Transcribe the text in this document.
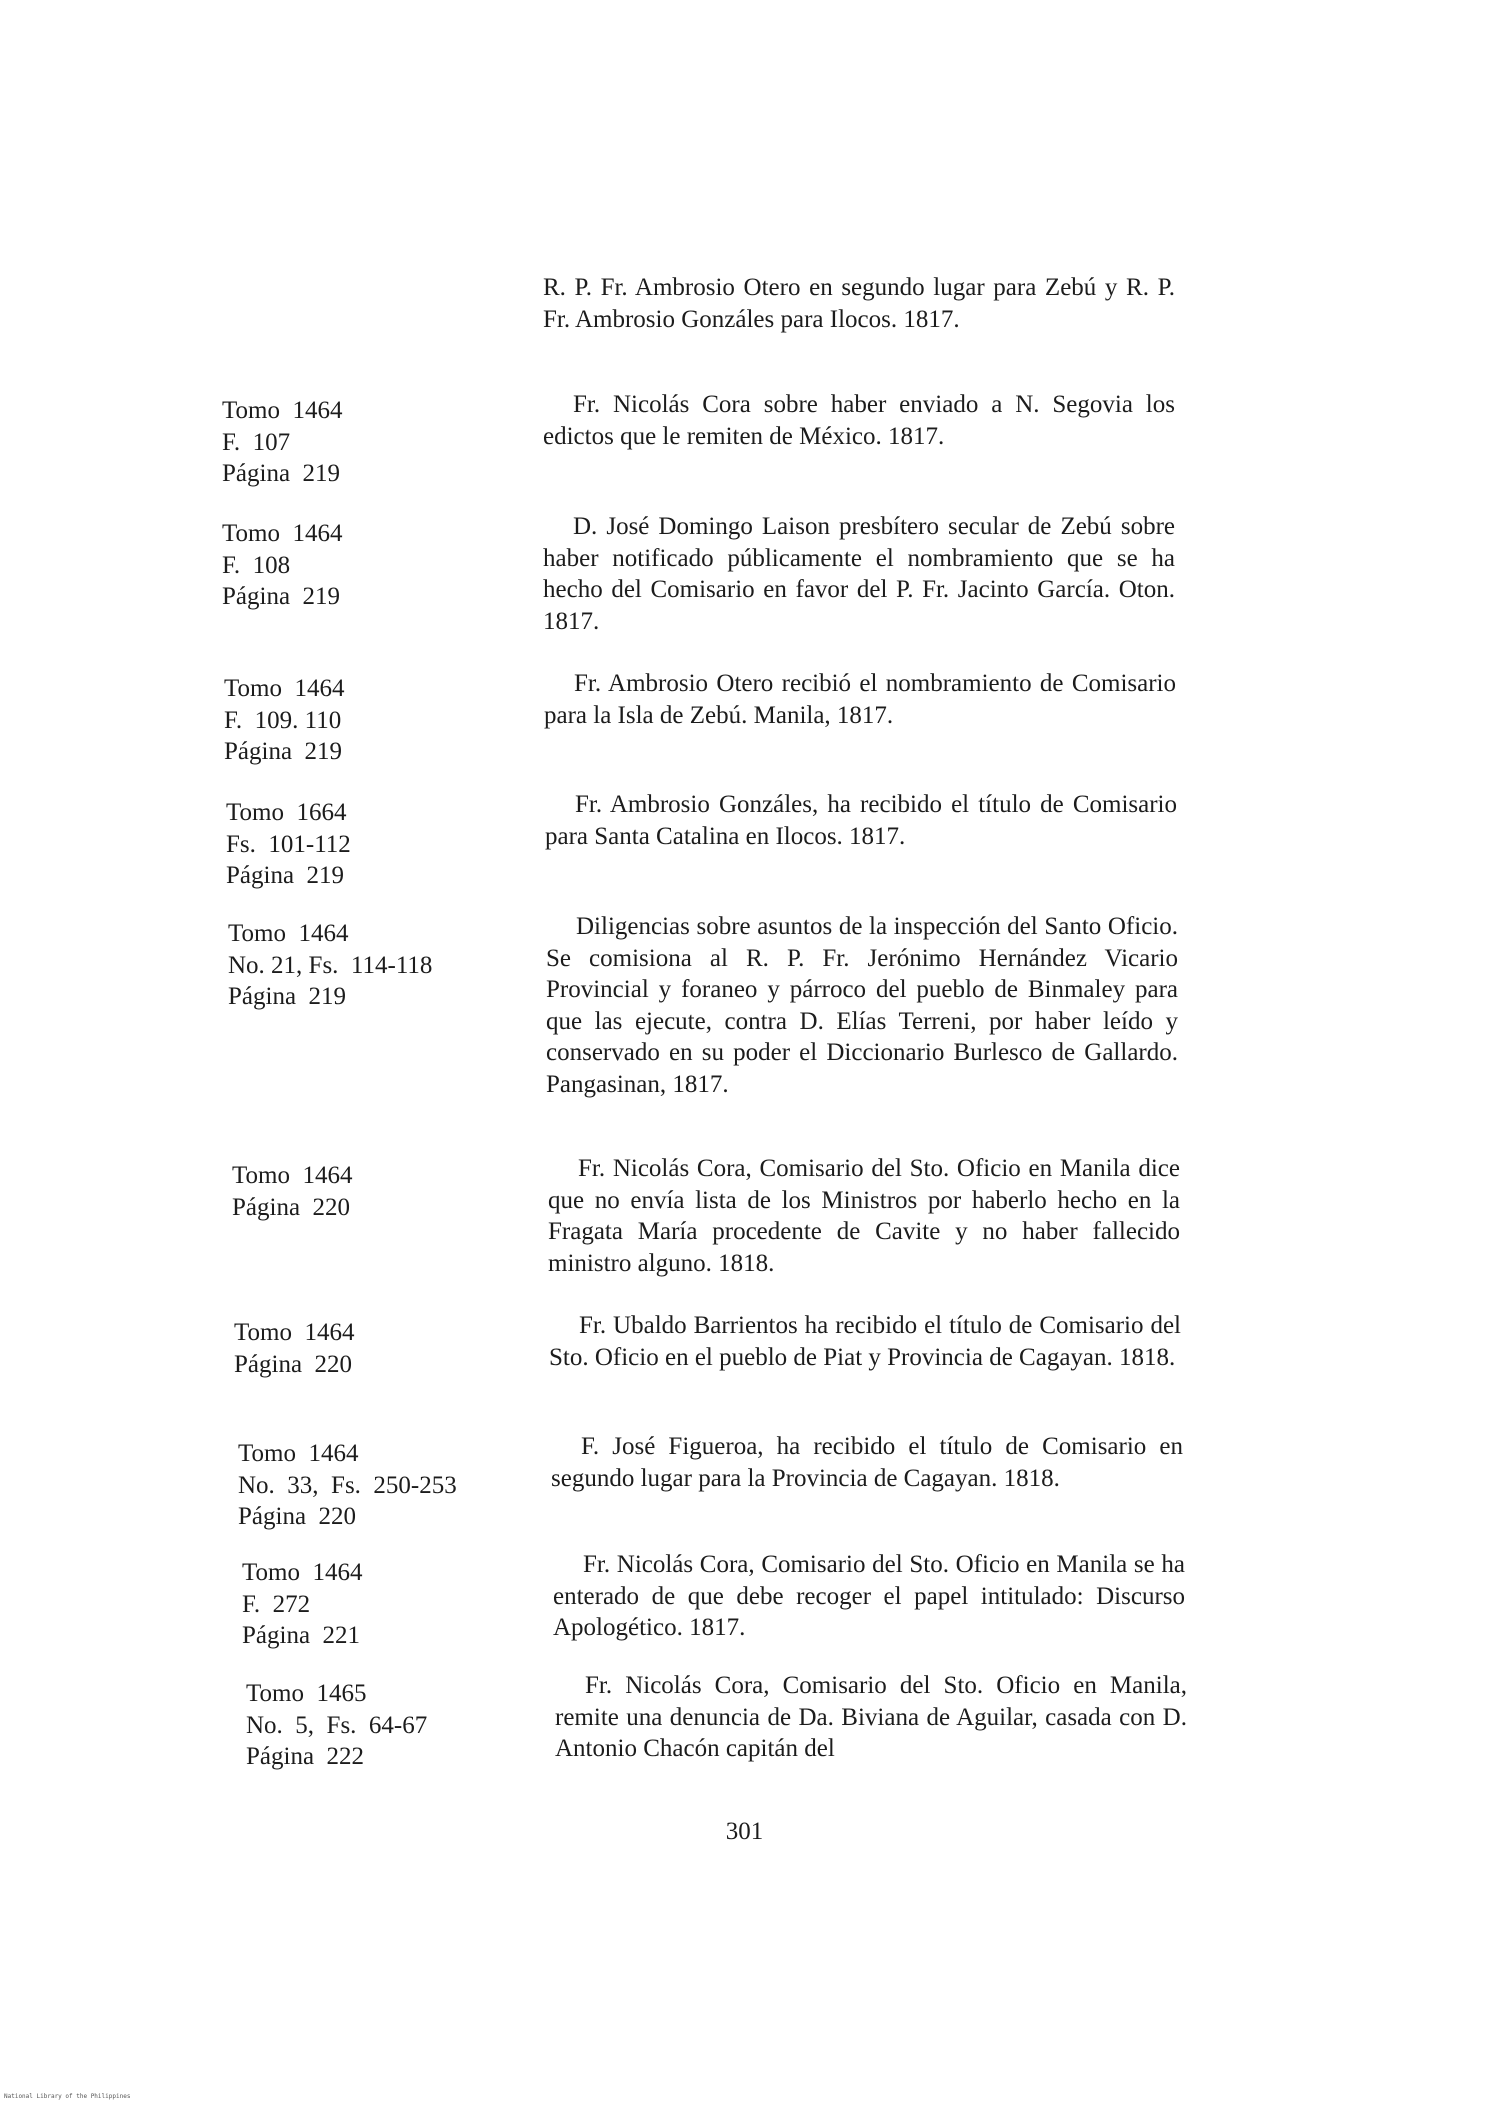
R. P. Fr. Ambrosio Otero en segundo lugar para Zebú y R. P. Fr. Ambrosio Gonzáles para Ilocos. 1817.
Tomo  1464
F.  107
Página  219
Fr. Nicolás Cora sobre haber enviado a N. Segovia los edictos que le remiten de México. 1817.
Tomo  1464
F.  108
Página  219
D. José Domingo Laison presbítero secular de Zebú sobre haber notificado públicamente el nombramiento que se ha hecho del Comisario en favor del P. Fr. Jacinto García. Oton. 1817.
Tomo  1464
F.  109. 110
Página  219
Fr. Ambrosio Otero recibió el nombramiento de Comisario para la Isla de Zebú. Manila, 1817.
Tomo  1664
Fs.  101-112
Página  219
Fr. Ambrosio Gonzáles, ha recibido el título de Comisario para Santa Catalina en Ilocos. 1817.
Tomo  1464
No. 21, Fs.  114-118
Página  219
Diligencias sobre asuntos de la inspección del Santo Oficio. Se comisiona al R. P. Fr. Jerónimo Hernández Vicario Provincial y foraneo y párroco del pueblo de Binmaley para que las ejecute, contra D. Elías Terreni, por haber leído y conservado en su poder el Diccionario Burlesco de Gallardo. Pangasinan, 1817.
Tomo  1464
Página  220
Fr. Nicolás Cora, Comisario del Sto. Oficio en Manila dice que no envía lista de los Ministros por haberlo hecho en la Fragata María procedente de Cavite y no haber fallecido ministro alguno. 1818.
Tomo  1464
Página  220
Fr. Ubaldo Barrientos ha recibido el título de Comisario del Sto. Oficio en el pueblo de Piat y Provincia de Cagayan. 1818.
Tomo  1464
No.  33,  Fs.  250-253
Página  220
F. José Figueroa, ha recibido el título de Comisario en segundo lugar para la Provincia de Cagayan. 1818.
Tomo  1464
F.  272
Página  221
Fr. Nicolás Cora, Comisario del Sto. Oficio en Manila se ha enterado de que debe recoger el papel intitulado: Discurso Apologético. 1817.
Tomo  1465
No.  5,  Fs.  64-67
Página  222
Fr. Nicolás Cora, Comisario del Sto. Oficio en Manila, remite una denuncia de Da. Biviana de Aguilar, casada con D. Antonio Chacón capitán del
301
National Library of the Philippines
